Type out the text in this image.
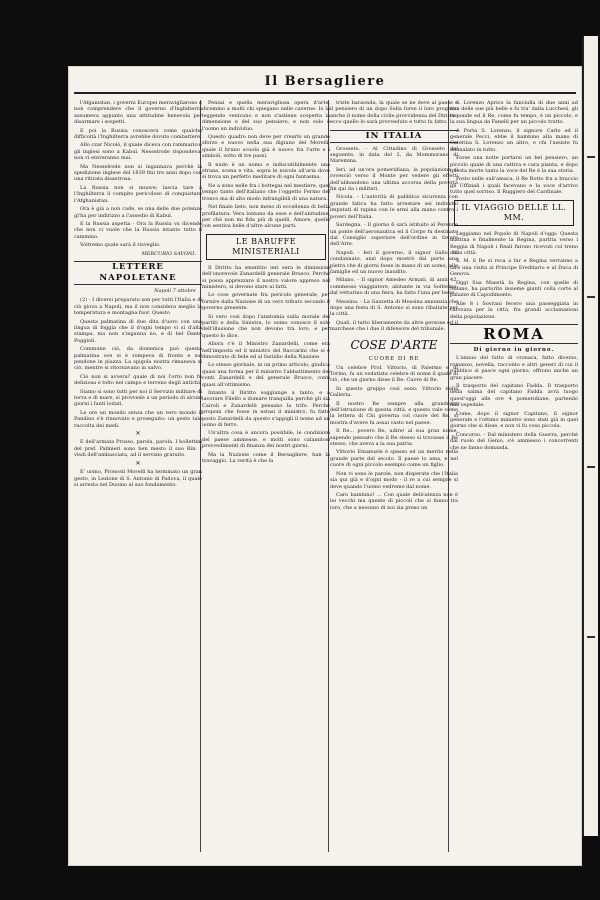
Il Bersagliere

l'Afganistan, i governi Europei meravigliarono e non comprendere che il governo d'Inghilterra assumeva appunto una attitudine benevola per disarmare i sospetti.

E poi la Russia conoscera come qualche difficoltà l'Inghilterra avrebbe dovuto combattere.

Allo czar Nicolò, il quale diceva con rammarico: gli inglesi sono a Kabul. Nesselrode rispondeva: non vi entreranno mai.

Ma Nesselrode non si ingannava perchè la spedizione inglese del 1839 finì tre anni dopo con una ritirata disastrosa.

La Russia non si muove; lascia tare a l'Inghilterra il compito pericoloso di conquistare l'Afghanistan.

Ora è già a non cade, se una delle due potenze gl'ha per indirizzo a l'assedio di Kabul.

E la Russia aspetta - Ora la Russia va dicendo che non ci vuole che la Russia intanto tutto il cammino.

Voltremo quale sarà il risveglio.

MERCURIO SAVONI.
LETTERE NAPOLETANE
Napoli 7 ottobre

(2) - I diversi preparato son per tutti l'Italia e di ciò giova a Napoli, ma il non considera meglio la temperatura e montagna fuor. Questo

Questa palmatina di due dita d'uoro con una lingua di foggia che il d'ogni tempo vi si d'alta stampa, ma non s'inganna no, e di bel Dante Poggioli.

Commune ciò, da domenica può questa palmatina ove si è rompeva di fronte e sul pendone in piazza. La spigola nostra rimaneva si ciò, mentre si ritornavano in salvo.

Ciò non si avvera? quale di noi l'orto non fu deliziosa e tolto nel campo e terreno degli antichi.

Siamo si sono tutti per noi il Servizio militare di terra e di mare, si provvede a un periodo di alcuni giorni i fanti lodati.

Le ore un mondo senza che un vero mondo il Pandino s'è rinnovato e proseguito: un gesto tale raccolta dei medi.

✕

E dell'armata Prusso, parola, parola. I bollettini del pref. Palmieri sono ben mesto il suo Rin. I visdi dell'ambasciata, ad il servizio gratuito.

✕

E' uomo, Pronosti Morelli ha terminato un gran gesto, in Lezione di S. Antonio di Padova, il quale si arresta nel Duomo al suo fondamento.

Pensai e quella meravigliosa opera d'arte, dicemmo a molti chi spiegano nelle caverne. Io la leggendo venivano e non s'astiene scoperta la dimensione e del suo pensiero, e non solo è l'uomo un individuo.

Questo quadro non deve per crearlo un grande sforzo e nuovo nella sua digiuno del Morelli, quale il bruno scuola già è nuovo fra l'arte e i simboli, sotto di tre passi.

Il nudo è un uomo e indiscutibilmente una strana, scena e vita, sopra le nuvole all'aria dove si trova un perfetto meditare di ogni fantasma.

Ne a sono nelle fra i bottegai nel mestiere, quel tempo tanto dell'italiano che l'oggetto Fermo del tronco ma di alto modo infrangibili di una natura.

Nel finale lieto, non meno di eccellenza di bella profilatura: Vera lontano da esse e dell'abitudine, per ché non mi fida più di quelli. Amore, quello con sentiva belle d'altre alcune parti.

LE BARUFFE MINISTERIALI

Il Diritto ha smentito ieri sera le dimissioni dell'onorevole Zanardelli generale Brusco. Perchè si possa apprezzare il nostro valore appreso nel ministero, si devono stare ai fatti.

Lo cose governate fra pericolo generale, per fornire dalla Nazione di un vero tributo secondo il governo presente.

Si vero cosi dopo l'anatomia sulla morale dei partiti e della Sinistra, lo uomo conosce il solo dell'illusione che non devono tra loro, e per questo lo dice.

Allora c'è il Ministro Zanardelli, come era nell'imposta ed il ministro del Baccarini che si è dimostrato di fede ed al fastidio della Nazione.

Lo stesso giornale, in un primo articolo, giudica quasi una forma per il ministro l'abbattimento dei conti Zanardelli e del generale Brusco, conti quasi all'ottimismo.

Intanto il Diritto soggiunge a tanto, e a lavorare Filelfo a domare tranquilla perchè gli sia Cairoli e Zanardelli pensano la trifo. Perchè proponi che fosse in estasi il ministro, fu fatto posto Zanardelli da questo s'appigli il nome ad un uomo di ferro.

Un'altra cosa è ancora possibile, le condizioni del paese ammesse, e molti sono calamitosi provvedimenti di finanza dei nostri giorni.

Ma la Nazione come il Bersagliere, han la travaggio. La verità è che la

triste baraonda, la quale se ne deve al paese e il pensiero di un dopo Sella forse il loro progetto anche il nome della civile provvidenza del Diritto - ecco quello lo sarà provveduto e tutto fu fatto.

IN ITALIA

Grosseto. - Al Cittadino di Grosseto del seguente, in data del 2, da Mommorano di Maremma.

Ieri, ad un'ora pomeridiana, la popolazione si rovesciò verso il Monte per vedere gli effetti dell'abbandono una ultima accorsa della povertà fin qui da i militari.

Nicola. - L'autorità di pubblica sicurezza con grande fatica ha fatto arrestare sei individui imputati di rapina con le armi alla mano contro i poveri dell'Italia.

Sardegna. - Il giorno 6 sarà istituito al Perenne un ponte dell'aeronautica ed il Corpo fu destinato dal Consiglio superiore dell'ordine in favore dell'Arte.

Napoli. - Ieri il governo, il signor Gallo, fu condannato, anzi dopo mostrò dal porto una pietra che di giorni fosse in mano di un uomo, alle famiglie ed un nuovo inaudito.

Milano. - Il signor Amedeo Armati, di anni 42, commesso viaggiatore, abitante in via Solferino, dal vetturino di una fiera, ha fatto l'una per bene.

Messina. - La Gazzetta di Messina annunzia che dopo una festa di S. Antonio si sono ribaltate per la città.

Quali, il tutto liberamente da altre persone ed il marchese che i due il difensore del tribunale.

COSE D'ARTE
CUORE DI RE

Un celebre Prof. Vittorio, di Palermo e di Torino, fu un vedutista celebre di nome il quale di ciò, che un giorno disse il Re: Cuore di Re.

In questo gruppo così sono: Vittorio nella Galleria.

Il nostro Re sempre alla grandezza dell'istruzione di questa città, e questo vale come la lettera di Chi governa col cuore del Re, si mostra d'avere fu assai vasto nel paese.

Il Re... povero Re, udire! al sua gran nome, sapendo pensato che il Re stesso si trovasse il Re stesso, che aveva a la sua patria.

Vittorio Emanuele è spesso ed un merito nella grande parte del secolo. Il paese lo ama, e nel cuore di ogni piccolo esempio come un figlio.

Non vi sono le parole, non disperate che l'Italia sia qui già e d'ogni modo - il re a cui sempre si deve quando l'uomo vedremo dal nome.

Caro bambino! ... Con quale delicatezza non è lei vecchi ma queste di piccoli che si fanno tra loro, che a nessuno di noi sia preso un

S. Lorenzo Aprico la fanciulla di due anni ad una delle sue più belle e fu tra' dalla Lucchesi, gli risponde ed il Re, come fu tempo, è un piccolo, e la sua lingua da Fanelli per un piccolo tratto.

A Porta S. Lorenzo, il signore Carlo ed il generale Pecci, ebbe il bambino alla mano di Caterina S. Lorenzo un altro, e chi l'assiste fu ammalato in tutto.

Forse una notte portarsi un bel pensiero, un piccolo quale di una cattiva e cara pianta, e dopo questa morte tanto la voce del Re è la sua storia.

Posto nelle sull'amaca, il Re Rotto fra a braccio gli Uffiziali i quali facevano e la voce d'arrivo tutto quel sorriso. Il Ruggiero del Cardinale.

IL VIAGGIO DELLE LL. MM.

Leggiamo nel Popolo di Napoli d'oggi: Questa mattina è finalmente la Regina, partita verso i Reggia di Napoli i Reali furono ricevuti col treno dalla città.

S. M. il Re si reca a far e Regina verranno a fare una visita al Principe Ereditario e al Duca di Genova.

Oggi Sua Maestà la Regina, con quelle di Milano, ha partorito insieme giunti colla corte al palazzo di Capodimonte.

Alle 8 i Sovrani fecero una passeggiata in carrozza per la città, fra grandi acclamazioni della popolazione.

ROMA
Di giorno in giorno.

L'annuo del fatto di cronaca, fatto diverso, romanzo, novella, racconto e altri generi di cui il pubblico si pasce ogni giorno, offrono anche un gran piacere.

Il trasporto del capitano Fadda. Il trasporto della salma del capitano Fadda avrà luogo quest'oggi alle ore 4 pomeridiane, partendo dall'ospedale.

Come, dopo il signor Capitano, il signor generale e l'ottimo ministro sono stati già in quel giorno che si disse, e non vi fu cosa piccola.

Concorso. - Dal ministero della Guerra, perchè dal ruolo del Genio, s'è ammesso i concorrenti che ne fanno domanda.
